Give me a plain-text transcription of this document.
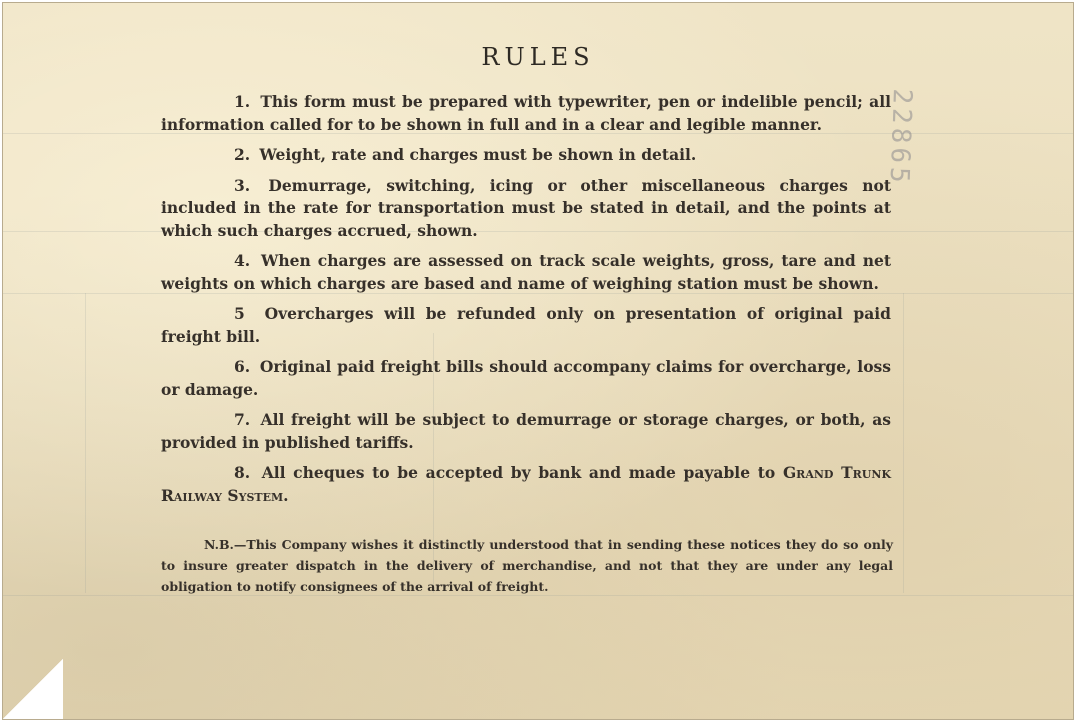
22865
RULES

1. This form must be prepared with typewriter, pen or indelible pencil; all information called for to be shown in full and in a clear and legible manner.

2. Weight, rate and charges must be shown in detail.

3. Demurrage, switching, icing or other miscellaneous charges not included in the rate for transportation must be stated in detail, and the points at which such charges accrued, shown.

4. When charges are assessed on track scale weights, gross, tare and net weights on which charges are based and name of weighing station must be shown.

5 Overcharges will be refunded only on presentation of original paid freight bill.

6. Original paid freight bills should accompany claims for overcharge, loss or damage.

7. All freight will be subject to demurrage or storage charges, or both, as provided in published tariffs.

8. All cheques to be accepted by bank and made payable to Grand Trunk Railway System.

N.B.—This Company wishes it distinctly understood that in sending these notices they do so only to insure greater dispatch in the delivery of merchandise, and not that they are under any legal obligation to notify consignees of the arrival of freight.
